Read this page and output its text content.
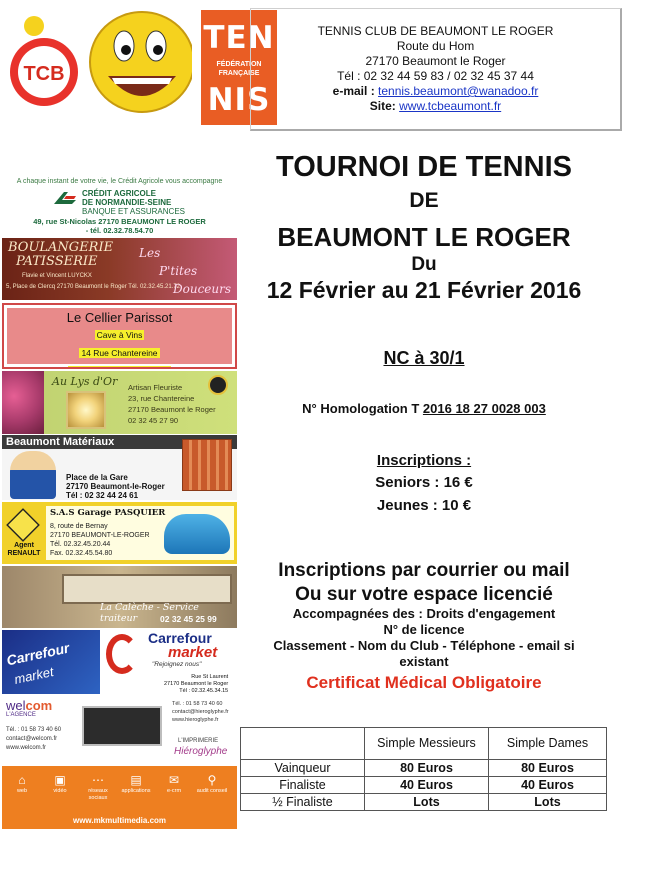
TCB
TEN
FÉDÉRATION FRANÇAISE
NIS
TENNIS CLUB DE BEAUMONT LE ROGER
Route du Hom
27170 Beaumont le Roger
Tél : 02 32 44 59 83 / 02 32 45 37 44
e-mail : tennis.beaumont@wanadoo.fr
Site: www.tcbeaumont.fr
A chaque instant de votre vie, le Crédit Agricole vous accompagne
CRÉDIT AGRICOLE
DE NORMANDIE-SEINE
BANQUE ET ASSURANCES
49, rue St-Nicolas 27170 BEAUMONT LE ROGER
- tél. 02.32.78.54.70
BOULANGERIE
PATISSERIE
Flavie et Vincent LUYCKX
5, Place de Clercq 27170 Beaumont le Roger Tél. 02.32.45.21.72
Les
P'tites
Douceurs
Le Cellier Parissot
Cave à Vins
14 Rue Chantereine
Au Lys d'Or Artisan Fleuriste
23, rue Chantereine
27170 Beaumont le Roger
02 32 45 27 90
Beaumont Matériaux
Place de la Gare
27170 Beaumont-le-Roger
Tél : 02 32 44 24 61
Agent
RENAULT
S.A.S Garage PASQUIER
8, route de Bernay
27170 BEAUMONT-LE-ROGER
Tél. 02.32.45.20.44
Fax. 02.32.45.54.80
La Calèche - Service traiteur	02 32 45 25 99
Carrefour
market
Carrefour
market
"Rejoignez nous"
Rue St Laurent
27170 Beaumont le Roger
Tél : 02.32.45.34.15
welcom
L'AGENCE
Tél. : 01 58 73 40 60
contact@welcom.fr
www.welcom.fr
Tél. : 01 58 73 40 60
contact@hieroglyphe.fr
www.hieroglyphe.fr
L'IMPRIMERIE
Hiéroglyphe
⌂
web
▣
vidéo
⋯
réseaux sociaux
▤
applications
✉
e-crm
⚲
audit conseil
www.mkmultimedia.com
TOURNOI DE TENNIS
DE
BEAUMONT LE ROGER
Du
12 Février au 21 Février 2016
NC à 30/1
N° Homologation T 2016 18 27 0028 003
Inscriptions :
Seniors : 16 €
Jeunes : 10 €
Inscriptions par courrier ou mail
Ou sur votre espace licencié
Accompagnées des : Droits d'engagement
N° de licence
Classement - Nom du Club - Téléphone - email si
existant
Certificat Médical Obligatoire
	Simple Messieurs	Simple Dames
Vainqueur	80 Euros	80 Euros
Finaliste	40 Euros	40 Euros
½ Finaliste	Lots	Lots
